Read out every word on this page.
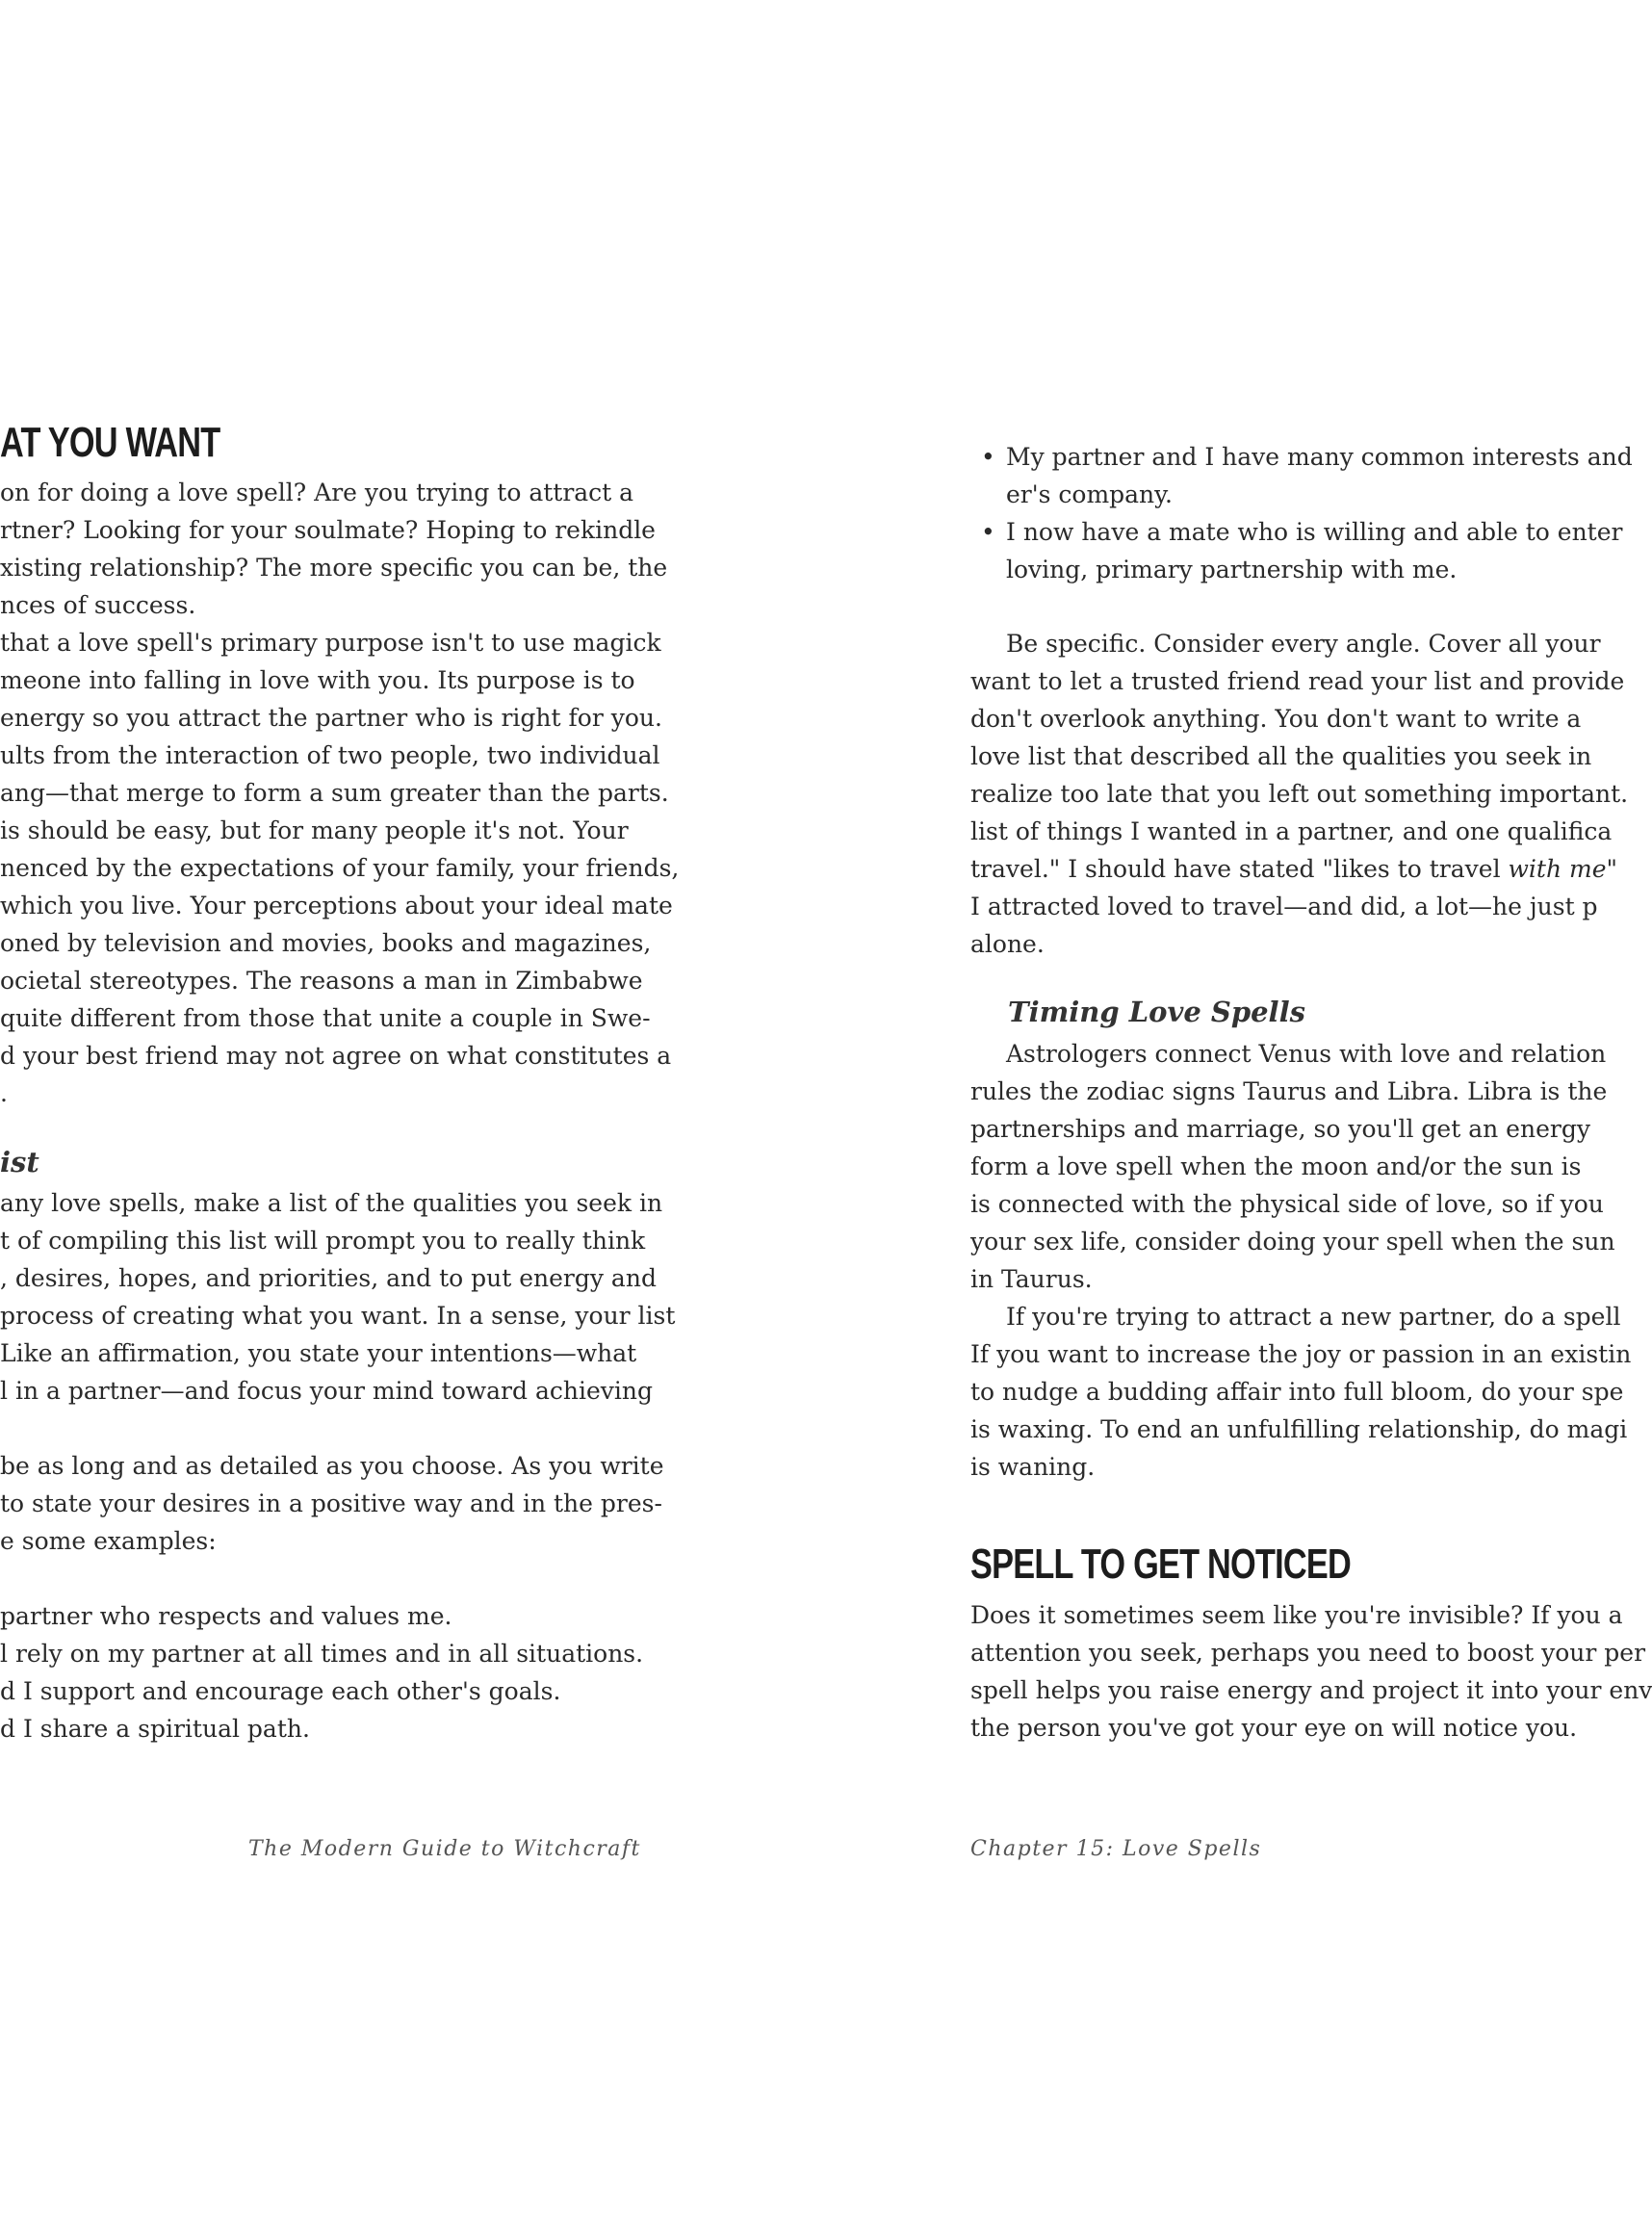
AT YOU WANT
on for doing a love spell? Are you trying to attract a
rtner? Looking for your soulmate? Hoping to rekindle
xisting relationship? The more specific you can be, the
nces of success.
that a love spell's primary purpose isn't to use magick
meone into falling in love with you. Its purpose is to
energy so you attract the partner who is right for you.
ults from the interaction of two people, two individual
ang—that merge to form a sum greater than the parts.
is should be easy, but for many people it's not. Your
nenced by the expectations of your family, your friends,
which you live. Your perceptions about your ideal mate
oned by television and movies, books and magazines,
ocietal stereotypes. The reasons a man in Zimbabwe
quite different from those that unite a couple in Swe-
d your best friend may not agree on what constitutes a
.
ist
any love spells, make a list of the qualities you seek in
t of compiling this list will prompt you to really think
, desires, hopes, and priorities, and to put energy and
process of creating what you want. In a sense, your list
Like an affirmation, you state your intentions—what
l in a partner—and focus your mind toward achieving
be as long and as detailed as you choose. As you write
to state your desires in a positive way and in the pres-
e some examples:
partner who respects and values me.
l rely on my partner at all times and in all situations.
d I support and encourage each other's goals.
d I share a spiritual path.
The Modern Guide to Witchcraft
• My partner and I have many common interests and
er's company.
• I now have a mate who is willing and able to enter
loving, primary partnership with me.
Be specific. Consider every angle. Cover all your
want to let a trusted friend read your list and provide
don't overlook anything. You don't want to write a
love list that described all the qualities you seek in
realize too late that you left out something important.
list of things I wanted in a partner, and one qualifica
travel." I should have stated "likes to travel with me"
I attracted loved to travel—and did, a lot—he just p
alone.
Timing Love Spells
Astrologers connect Venus with love and relation
rules the zodiac signs Taurus and Libra. Libra is the
partnerships and marriage, so you'll get an energy
form a love spell when the moon and/or the sun is
is connected with the physical side of love, so if you
your sex life, consider doing your spell when the sun
in Taurus.
If you're trying to attract a new partner, do a spell
If you want to increase the joy or passion in an existin
to nudge a budding affair into full bloom, do your spe
is waxing. To end an unfulfilling relationship, do magi
is waning.
SPELL TO GET NOTICED
Does it sometimes seem like you're invisible? If you a
attention you seek, perhaps you need to boost your per
spell helps you raise energy and project it into your env
the person you've got your eye on will notice you.
Chapter 15: Love Spells
